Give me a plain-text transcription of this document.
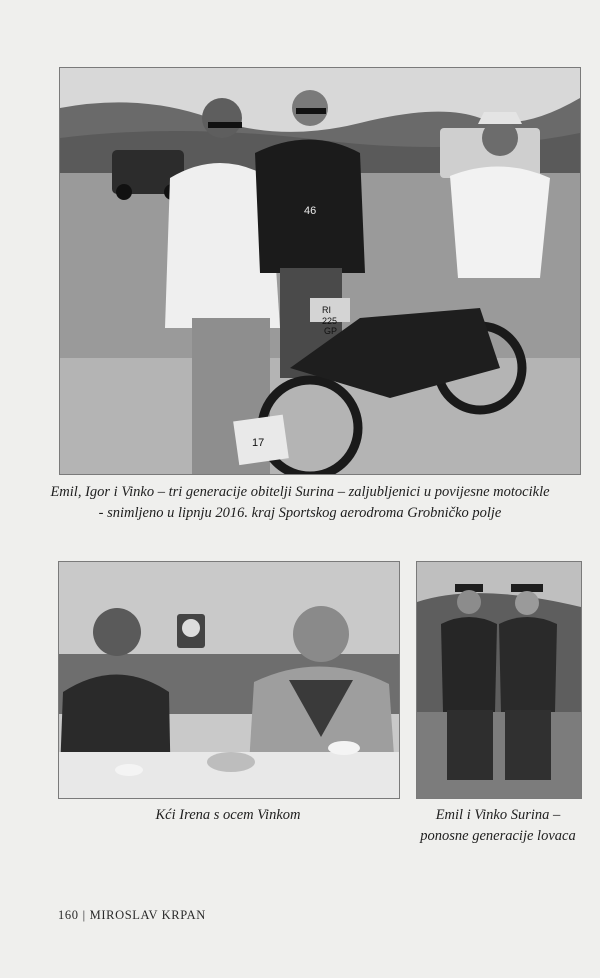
RI
225
GP
17
46
Emil, Igor i Vinko – tri generacije obitelji Surina – zaljubljenici u povijesne motocikle
- snimljeno u lipnju 2016. kraj Sportskog aerodroma Grobničko polje
Kći Irena s ocem Vinkom	Emil i Vinko Surina –
ponosne generacije lovaca
160 | MIROSLAV KRPAN
